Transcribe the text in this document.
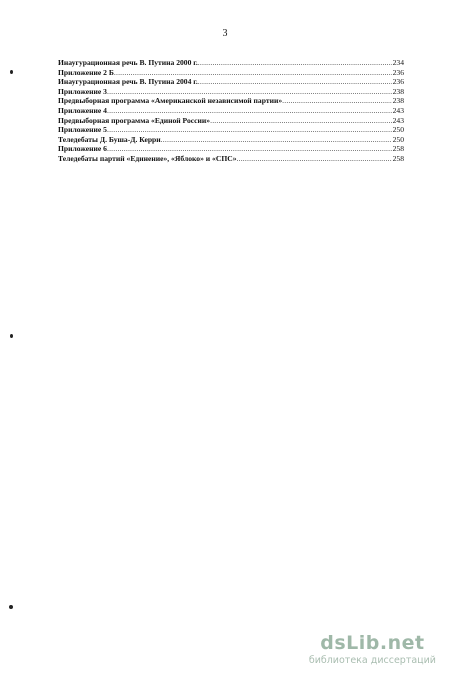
3
Инаугурационная речь В. Путина 2000 г. .....	234
Приложение 2 Б .....	236
Инаугурационная речь В. Путина 2004 г. .....	236
Приложение 3 .....	238
Предвыборная программа «Американской независимой партии» .....	238
Приложение 4 .....	243
Предвыборная программа «Единой России» .....	243
Приложение 5 .....	250
Теледебаты Д. Буша-Д. Керри .....	250
Приложение 6 .....	258
Теледебаты партий «Единение», «Яблоко» и «СПС» .....	258
dsLib.net
библиотека диссертаций
